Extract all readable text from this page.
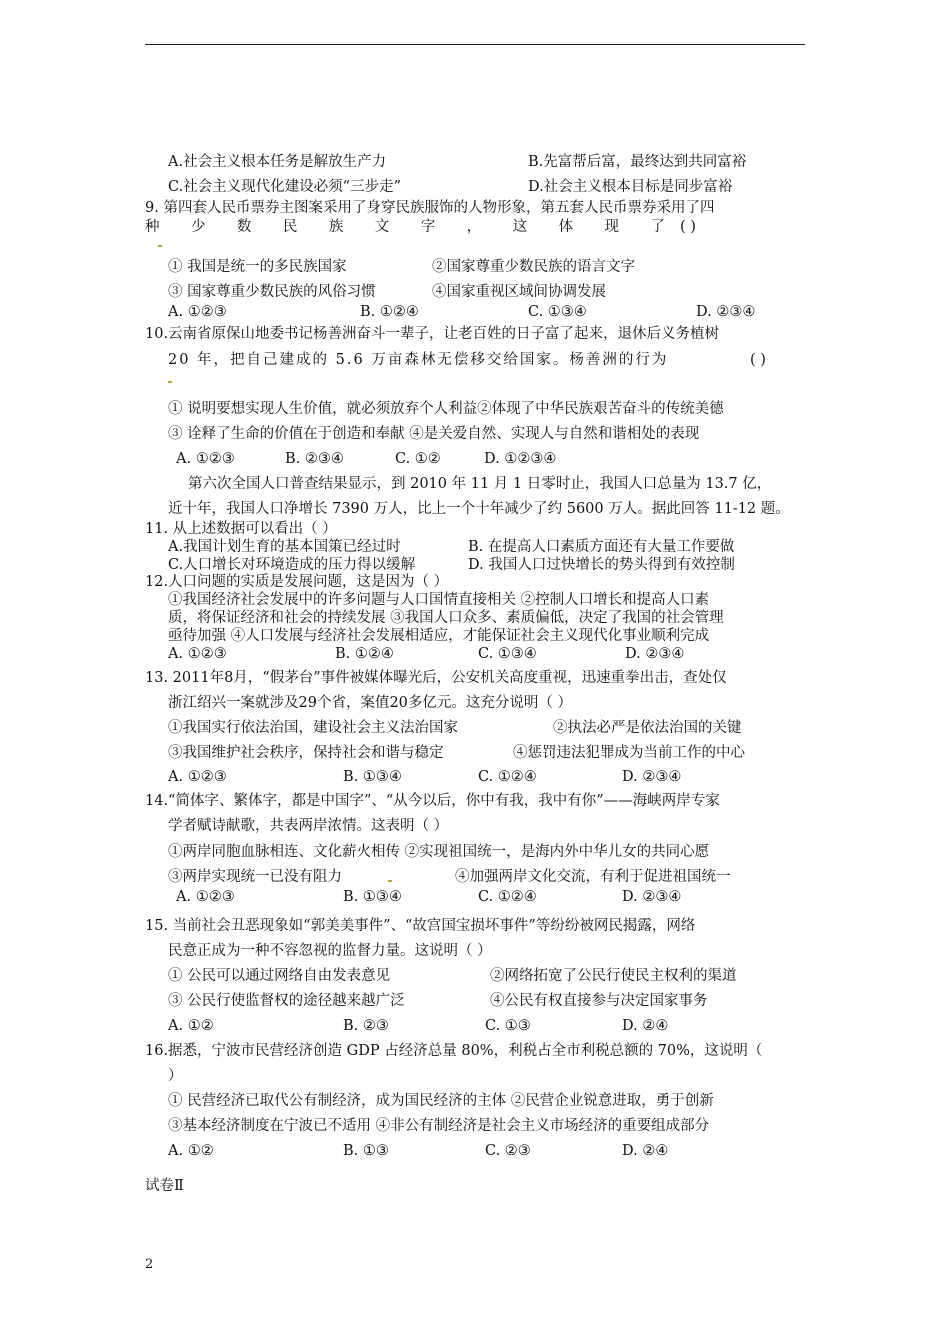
A.社会主义根本任务是解放生产力	B.先富帮后富，最终达到共同富裕
C.社会主义现代化建设必须“三步走”	D.社会主义根本目标是同步富裕
9. 第四套人民币票券主图案采用了身穿民族服饰的人物形象，第五套人民币票券采用了四
种 少 数 民 族 文 字 ， 这 体 现 了 ( )
① 我国是统一的多民族国家	②国家尊重少数民族的语言文字
③ 国家尊重少数民族的风俗习惯	④国家重视区域间协调发展
A. ①②③	B. ①②④	C. ①③④	D. ②③④
10.云南省原保山地委书记杨善洲奋斗一辈子，让老百姓的日子富了起来，退休后义务植树
20 年，把自己建成的 5.6 万亩森林无偿移交给国家。杨善洲的行为	( )
① 说明要想实现人生价值，就必须放弃个人利益②体现了中华民族艰苦奋斗的传统美德
③ 诠释了生命的价值在于创造和奉献 ④是关爱自然、实现人与自然和谐相处的表现
A. ①②③	B. ②③④	C. ①②	D. ①②③④
第六次全国人口普查结果显示，到 2010 年 11 月 1 日零时止，我国人口总量为 13.7 亿，
近十年，我国人口净增长 7390 万人，比上一个十年减少了约 5600 万人。据此回答 11-12 题。
11. 从上述数据可以看出（ ）
A.我国计划生育的基本国策已经过时	B. 在提高人口素质方面还有大量工作要做
C.人口增长对环境造成的压力得以缓解	D. 我国人口过快增长的势头得到有效控制
12.人口问题的实质是发展问题，这是因为（ ）
①我国经济社会发展中的许多问题与人口国情直接相关 ②控制人口增长和提高人口素
质，将保证经济和社会的持续发展 ③我国人口众多、素质偏低，决定了我国的社会管理
亟待加强 ④人口发展与经济社会发展相适应，才能保证社会主义现代化事业顺利完成
A. ①②③	B. ①②④	C. ①③④	D. ②③④
13. 2011年8月，“假茅台”事件被媒体曝光后，公安机关高度重视，迅速重拳出击，查处仅
浙江绍兴一案就涉及29个省，案值20多亿元。这充分说明（ ）
①我国实行依法治国，建设社会主义法治国家	②执法必严是依法治国的关键
③我国维护社会秩序，保持社会和谐与稳定	④惩罚违法犯罪成为当前工作的中心
A. ①②③	B. ①③④	C. ①②④	D. ②③④
14.“简体字、繁体字，都是中国字”、“从今以后，你中有我，我中有你”——海峡两岸专家
学者赋诗献歌，共表两岸浓情。这表明（ ）
①两岸同胞血脉相连、文化薪火相传 ②实现祖国统一，是海内外中华儿女的共同心愿
③两岸实现统一已没有阻力	④加强两岸文化交流，有利于促进祖国统一
A. ①②③	B. ①③④	C. ①②④	D. ②③④
15. 当前社会丑恶现象如“郭美美事件”、“故宫国宝损坏事件”等纷纷被网民揭露，网络
民意正成为一种不容忽视的监督力量。这说明（ ）
① 公民可以通过网络自由发表意见	②网络拓宽了公民行使民主权利的渠道
③ 公民行使监督权的途径越来越广泛	④公民有权直接参与决定国家事务
A. ①②	B. ②③	C. ①③	D. ②④
16.据悉，宁波市民营经济创造 GDP 占经济总量 80%，利税占全市利税总额的 70%，这说明（
）
① 民营经济已取代公有制经济，成为国民经济的主体 ②民营企业锐意进取，勇于创新
③基本经济制度在宁波已不适用 ④非公有制经济是社会主义市场经济的重要组成部分
A. ①②	B. ①③	C. ②③	D. ②④
试卷Ⅱ
2
